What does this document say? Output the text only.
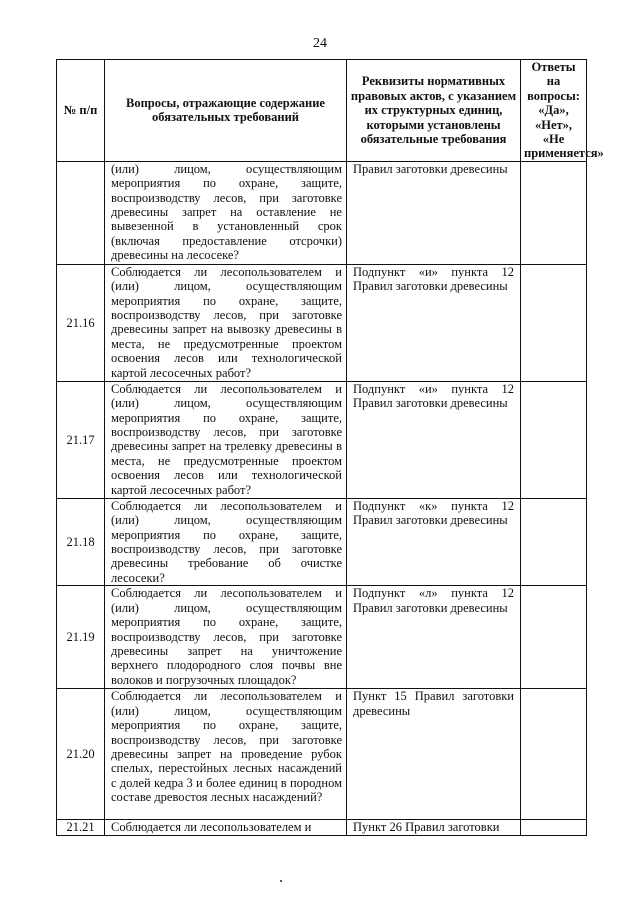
24
№ п/п	Вопросы, отражающие содержание обязательных требований	Реквизиты нормативных правовых актов, с указанием их структурных единиц, которыми установлены обязательные требования	Ответы на вопросы: «Да», «Нет», «Не применяется»
	(или) лицом, осуществляющим мероприятия по охране, защите, воспроизводству лесов, при заготовке древесины запрет на оставление не вывезенной в установленный срок (включая предоставление отсрочки) древесины на лесосеке?	Правил заготовки древесины	
21.16	Соблюдается ли лесопользователем и (или) лицом, осуществляющим мероприятия по охране, защите, воспроизводству лесов, при заготовке древесины запрет на вывозку древесины в места, не предусмотренные проектом освоения лесов или технологической картой лесосечных работ?	Подпункт «и» пункта 12 Правил заготовки древесины	
21.17	Соблюдается ли лесопользователем и (или) лицом, осуществляющим мероприятия по охране, защите, воспроизводству лесов, при заготовке древесины запрет на трелевку древесины в места, не предусмотренные проектом освоения лесов или технологической картой лесосечных работ?	Подпункт «и» пункта 12 Правил заготовки древесины	
21.18	Соблюдается ли лесопользователем и (или) лицом, осуществляющим мероприятия по охране, защите, воспроизводству лесов, при заготовке древесины требование об очистке лесосеки?	Подпункт «к» пункта 12 Правил заготовки древесины	
21.19	Соблюдается ли лесопользователем и (или) лицом, осуществляющим мероприятия по охране, защите, воспроизводству лесов, при заготовке древесины запрет на уничтожение верхнего плодородного слоя почвы вне волоков и погрузочных площадок?	Подпункт «л» пункта 12 Правил заготовки древесины	
21.20	Соблюдается ли лесопользователем и (или) лицом, осуществляющим мероприятия по охране, защите, воспроизводству лесов, при заготовке древесины запрет на проведение рубок спелых, перестойных лесных насаждений с долей кедра 3 и более единиц в породном составе древостоя лесных насаждений?	Пункт 15 Правил заготовки древесины	
21.21	Соблюдается ли лесопользователем и	Пункт 26 Правил заготовки	
